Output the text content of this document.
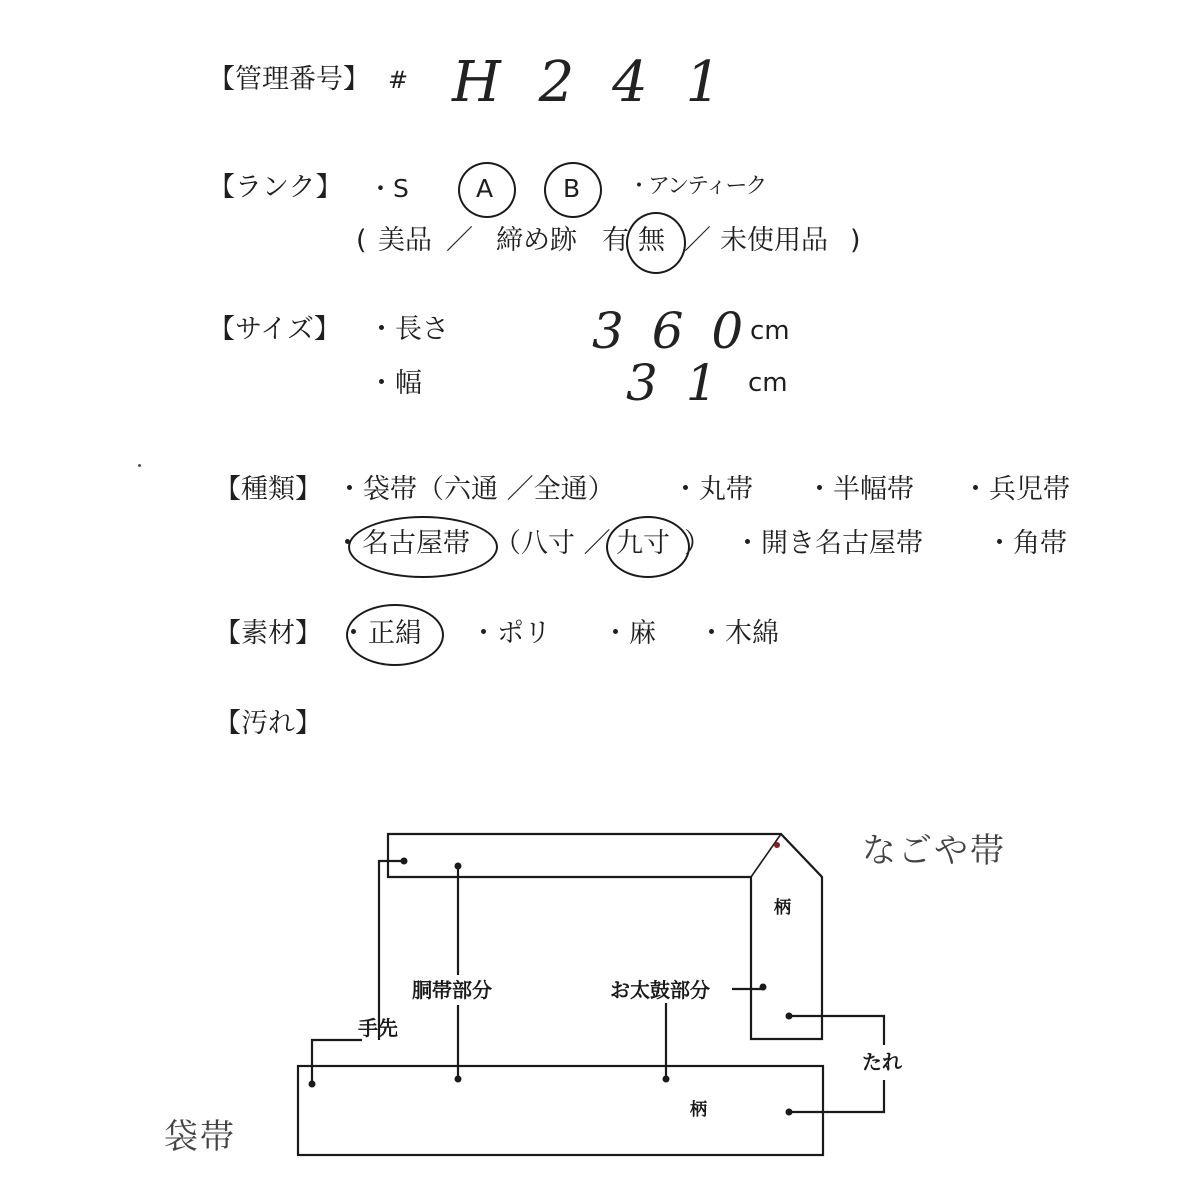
【管理番号】 # H 2 4 1
【ランク】 ・S	A	B ・アンティーク
( 美品 ／ 締め跡 有 無 ／ 未使用品 )
【サイズ】 ・長さ	3 6 0 cm
・幅	3 1 cm
【種類】 ・袋帯（六通 ／全通） ・丸帯 ・半幅帯 ・兵児帯
・ 名古屋帯 （八寸 ／ 九寸 ） ・開き名古屋帯 ・角帯
【素材】 ・ 正絹 ・ポリ ・麻 ・木綿
【汚れ】
なごや帯
袋帯
柄
柄
胴帯部分	お太鼓部分
手先
たれ
